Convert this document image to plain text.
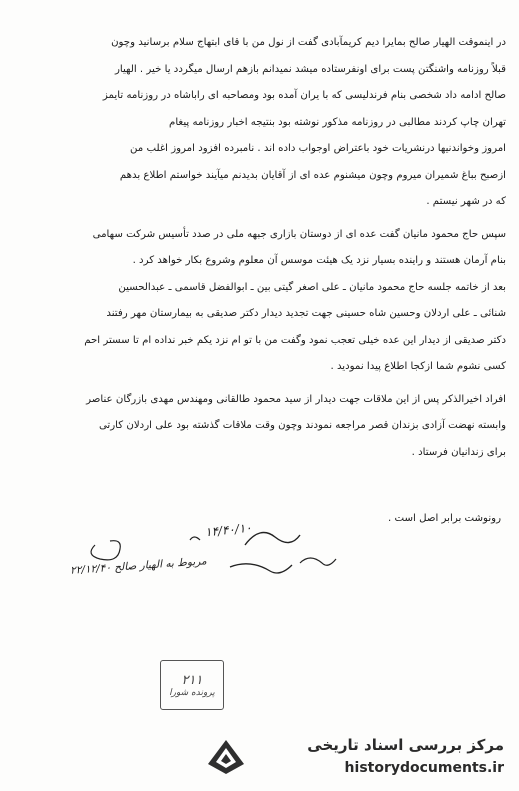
در اینموقت الهیار صالح بمایرا دیم کریمآبادی گفت از نول من با قای ابتهاج سلام برسانید وچون
قبلاً روزنامه واشنگتن پست برای اونفرستاده میشد نمیدانم بازهم ارسال میگردد یا خیر . الهیار
صالح ادامه داد شخصی بنام فرندلیسی که با یران آمده بود ومصاحبه ای راباشاه در روزنامه تایمز
تهران چاپ کردند مطالبی در روزنامه مذکور نوشته بود بنتیجه اخبار روزنامه پیغام
امروز وخواندنیها درنشریات خود باعتراض اوجواب داده اند . نامبرده افزود امروز اغلب من
ازصبح بباغ شمیران میروم وچون میشنوم عده ای از آقایان بدیدنم میآیند خواستم اطلاع بدهم
که در شهر نیستم .
سپس حاج محمود مانیان گفت عده ای از دوستان بازاری جبهه ملی در صدد تأسیس شرکت سهامی
بنام آرمان هستند و راینده بسیار نزد یک هیئت موسس آن معلوم وشروع بکار خواهد کرد .
بعد از خاتمه جلسه حاج محمود مانیان ـ علی اصغر گیتی بین ـ ابوالفضل قاسمی ـ عبدالحسین
شنائی ـ علی اردلان وحسین شاه حسینی جهت تجدید دیدار دکتر صدیقی به بیمارستان مهر رفتند
دکتر صدیقی از دیدار این عده خیلی تعجب نمود وگفت من با تو ام نزد یکم خبر نداده ام تا سستر احم
کسی نشوم شما ازکجا اطلاع پیدا نمودید .
افراد اخیرالذکر پس از این ملاقات جهت دیدار از سید محمود طالقانی ومهندس مهدی بازرگان عناصر
وابسته نهضت آزادی بزندان قصر مراجعه نمودند وچون وقت ملاقات گذشته بود علی اردلان کارتی
برای زندانیان فرستاد .
رونوشت برابر اصل است .
۱۴/۴۰/۱۰
مربوط به الهیار صالح ۲۲/۱۲/۴۰
۲۱۱
پرونده شورا
مرکز بررسی اسناد تاریخی
historydocuments.ir
